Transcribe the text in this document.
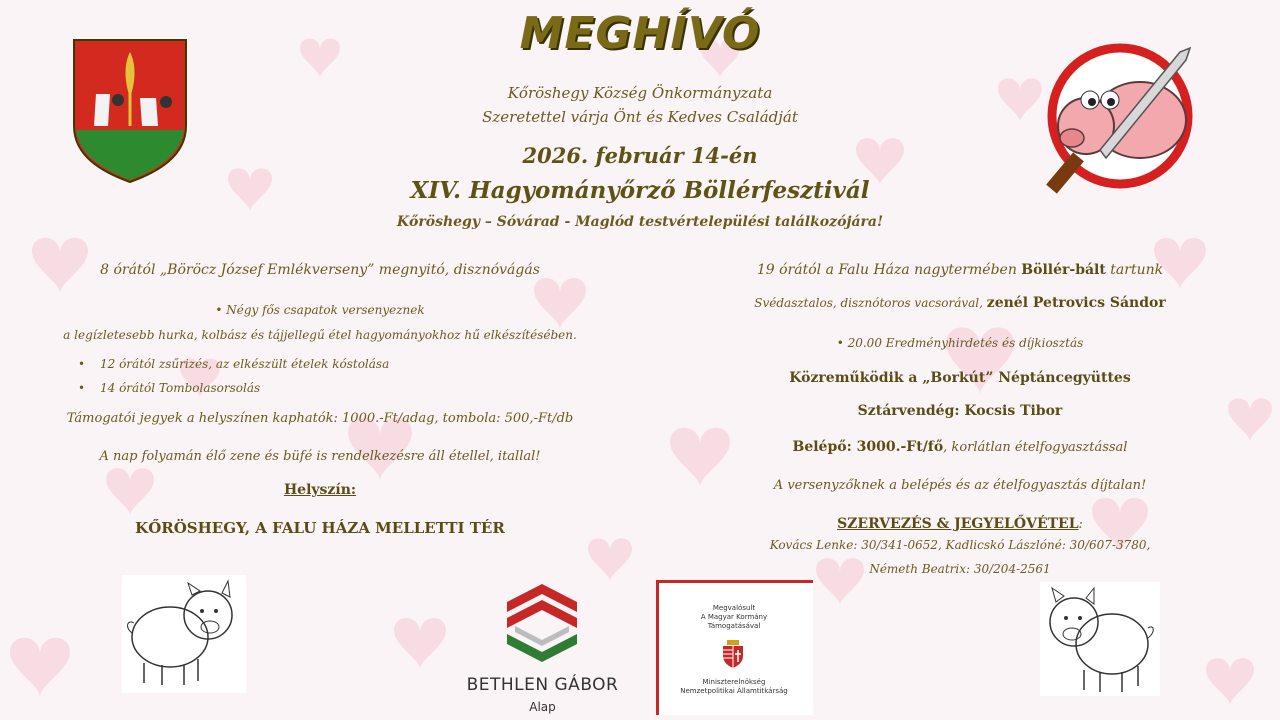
MEGHÍVÓ
Kőröshegy Község Önkormányzata
Szeretettel várja Önt és Kedves Családját
2026. február 14-én
XIV. Hagyományőrző Böllérfesztivál
Kőröshegy – Sóvárad - Maglód testvértelepülési találkozójára!
8 órától „Böröcz József Emlékverseny” megnyitó, disznóvágás
• Négy fős csapatok versenyeznek
a legízletesebb hurka, kolbász és tájjellegű étel hagyományokhoz hű elkészítésében.
• 12 órától zsűrizés, az elkészült ételek kóstolása
• 14 órától Tombolasorsolás
Támogatói jegyek a helyszínen kaphatók: 1000.-Ft/adag, tombola: 500,-Ft/db
A nap folyamán élő zene és büfé is rendelkezésre áll étellel, itallal!
Helyszín:
KŐRÖSHEGY, A FALU HÁZA MELLETTI TÉR
19 órától a Falu Háza nagytermében Böllér-bált tartunk
Svédasztalos, disznótoros vacsorával, zenél Petrovics Sándor
• 20.00 Eredményhirdetés és díjkiosztás
Közreműködik a „Borkút” Néptáncegyüttes
Sztárvendég: Kocsis Tibor
Belépő: 3000.-Ft/fő, korlátlan ételfogyasztással
A versenyzőknek a belépés és az ételfogyasztás díjtalan!
SZERVEZÉS & JEGYELŐVÉTEL:
Kovács Lenke: 30/341-0652, Kadlicskó Lászlóné: 30/607-3780,
Németh Beatrix: 30/204-2561
BETHLEN GÁBOR
Alap
Megvalósult
A Magyar Kormány
Támogatásával
Miniszterelnökség
Nemzetpolitikai Államtitkárság
